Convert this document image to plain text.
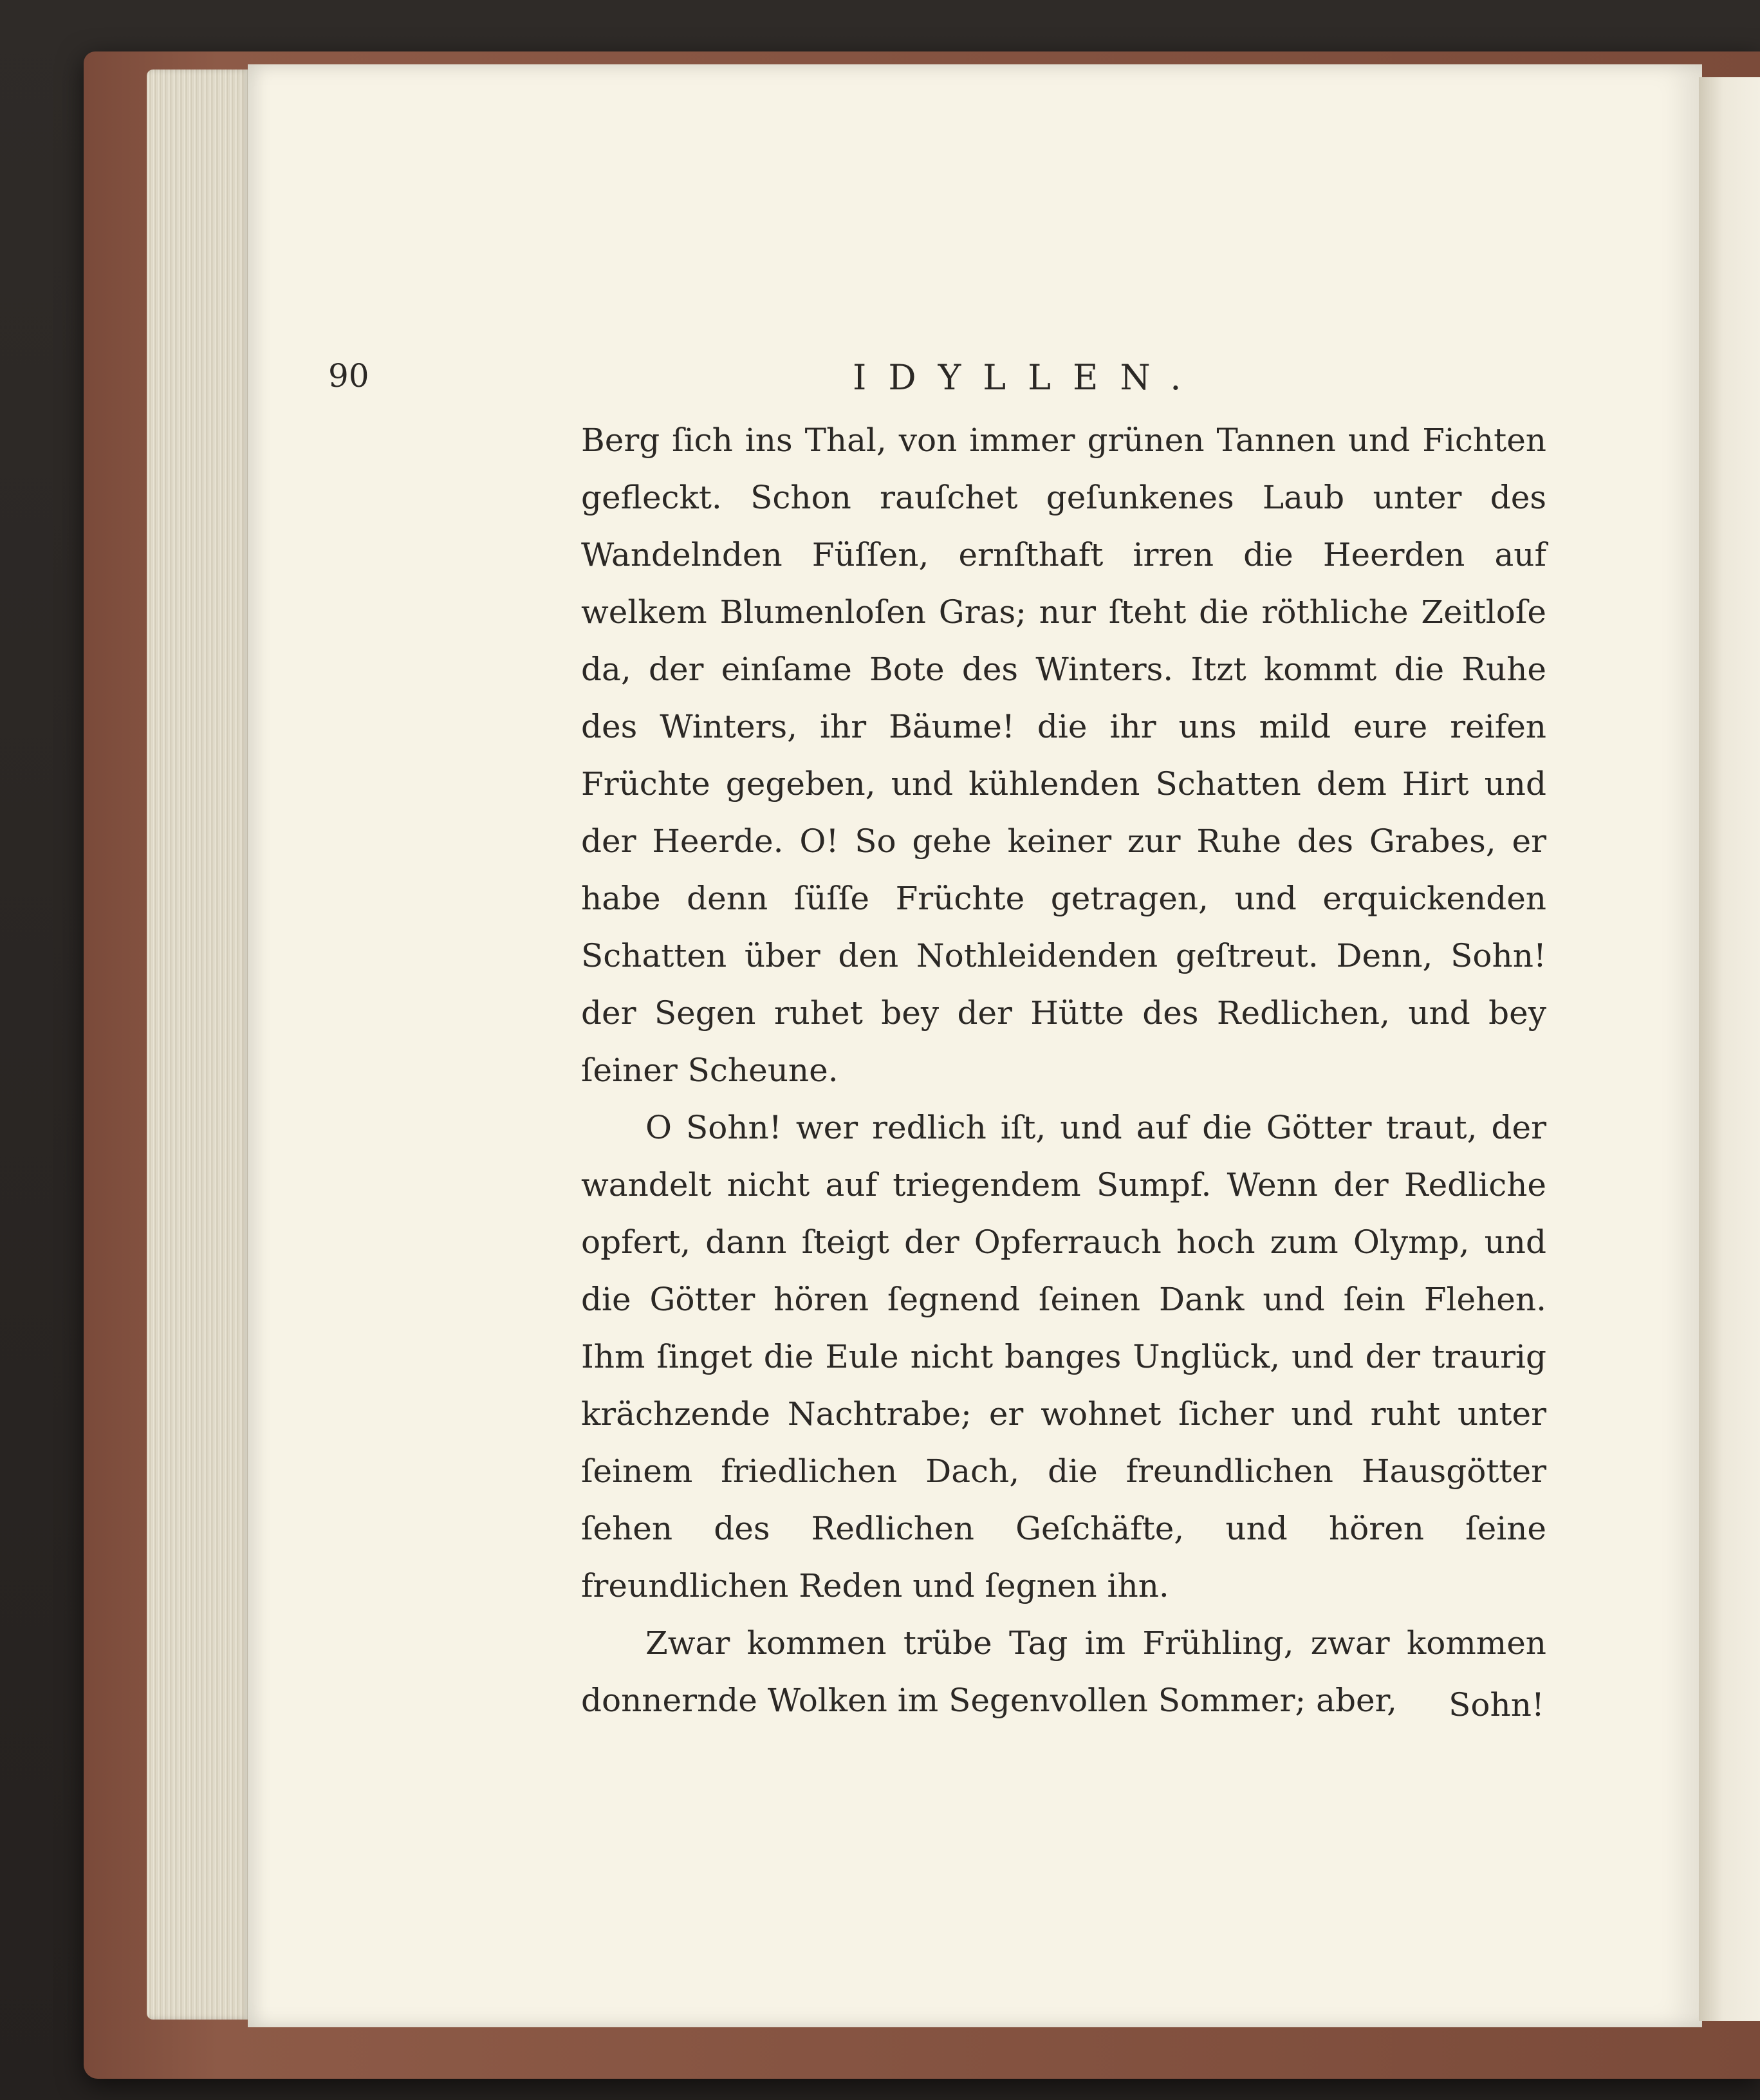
90	IDYLLEN.

Berg ſich ins Thal, von immer grünen Tannen und Fichten gefleckt. Schon rauſchet geſunkenes Laub unter des Wandelnden Füſſen, ernſthaft irren die Heerden auf welkem Blumenloſen Gras; nur ſteht die röthliche Zeitloſe da, der einſame Bote des Winters. Itzt kommt die Ruhe des Winters, ihr Bäume! die ihr uns mild eure reifen Früchte gegeben, und kühlenden Schatten dem Hirt und der Heerde. O! So gehe keiner zur Ruhe des Grabes, er habe denn ſüſſe Früchte getragen, und erquickenden Schatten über den Nothleidenden geſtreut. Denn, Sohn! der Segen ruhet bey der Hütte des Redlichen, und bey ſeiner Scheune.

O Sohn! wer redlich iſt, und auf die Götter traut, der wandelt nicht auf triegendem Sumpf. Wenn der Redliche opfert, dann ſteigt der Opferrauch hoch zum Olymp, und die Götter hören ſegnend ſeinen Dank und ſein Flehen. Ihm ſinget die Eule nicht banges Unglück, und der traurig krächzende Nachtrabe; er wohnet ſicher und ruht unter ſeinem friedlichen Dach, die freundlichen Hausgötter ſehen des Redlichen Geſchäfte, und hören ſeine freundlichen Reden und ſegnen ihn.

Zwar kommen trübe Tag im Frühling, zwar kommen donnernde Wolken im Segenvollen Sommer; aber,	Sohn!
